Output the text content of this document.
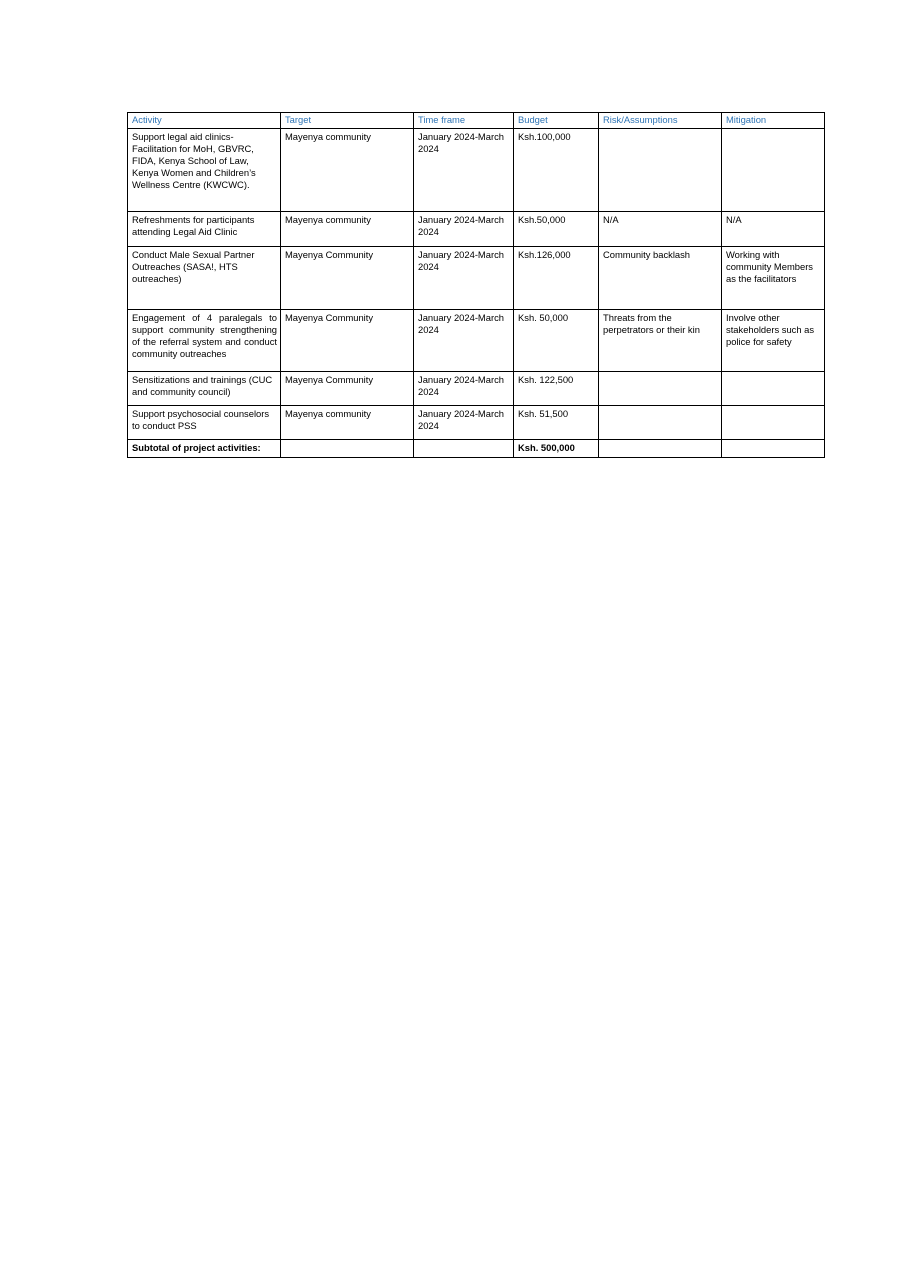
Activity	Target	Time frame	Budget	Risk/Assumptions	Mitigation
Support legal aid clinics-Facilitation for MoH, GBVRC, FIDA, Kenya School of Law, Kenya Women and Children’s Wellness Centre (KWCWC).	Mayenya community	January 2024-March 2024	Ksh.100,000		
Refreshments for participants attending Legal Aid Clinic	Mayenya community	January 2024-March 2024	Ksh.50,000	N/A	N/A
Conduct Male Sexual Partner Outreaches (SASA!, HTS outreaches)	Mayenya Community	January 2024-March 2024	Ksh.126,000	Community backlash	Working with community Members as the facilitators
Engagement of 4 paralegals to support community strengthening of the referral system and conduct community outreaches	Mayenya Community	January 2024-March 2024	Ksh. 50,000	Threats from the perpetrators or their kin	Involve other stakeholders such as police for safety
Sensitizations and trainings (CUC and community council)	Mayenya Community	January 2024-March 2024	Ksh. 122,500		
Support psychosocial counselors to conduct PSS	Mayenya community	January 2024-March 2024	Ksh. 51,500		
Subtotal of project activities:			Ksh. 500,000		
